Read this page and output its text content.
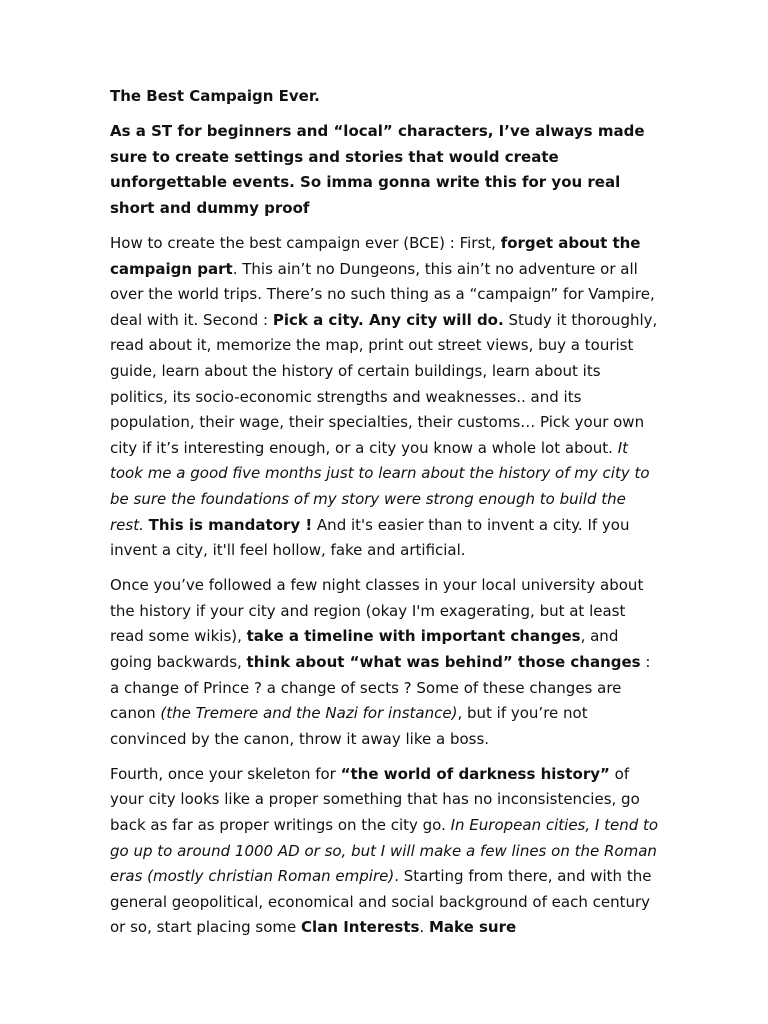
The Best Campaign Ever.

As a ST for beginners and “local” characters, I’ve always made sure to create settings and stories that would create unforgettable events. So imma gonna write this for you real short and dummy proof

How to create the best campaign ever (BCE) : First, forget about the campaign part. This ain’t no Dungeons, this ain’t no adventure or all over the world trips. There’s no such thing as a “campaign” for Vampire, deal with it. Second : Pick a city. Any city will do. Study it thoroughly, read about it, memorize the map, print out street views, buy a tourist guide, learn about the history of certain buildings, learn about its politics, its socio-economic strengths and weaknesses.. and its population, their wage, their specialties, their customs… Pick your own city if it’s interesting enough, or a city you know a whole lot about. It took me a good five months just to learn about the history of my city to be sure the foundations of my story were strong enough to build the rest. This is mandatory ! And it's easier than to invent a city. If you invent a city, it'll feel hollow, fake and artificial.

Once you’ve followed a few night classes in your local university about the history if your city and region (okay I'm exagerating, but at least read some wikis), take a timeline with important changes, and going backwards, think about “what was behind” those changes : a change of Prince ? a change of sects ? Some of these changes are canon (the Tremere and the Nazi for instance), but if you’re not convinced by the canon, throw it away like a boss.

Fourth, once your skeleton for “the world of darkness history” of your city looks like a proper something that has no inconsistencies, go back as far as proper writings on the city go. In European cities, I tend to go up to around 1000 AD or so, but I will make a few lines on the Roman eras (mostly christian Roman empire). Starting from there, and with the general geopolitical, economical and social background of each century or so, start placing some Clan Interests. Make sure
